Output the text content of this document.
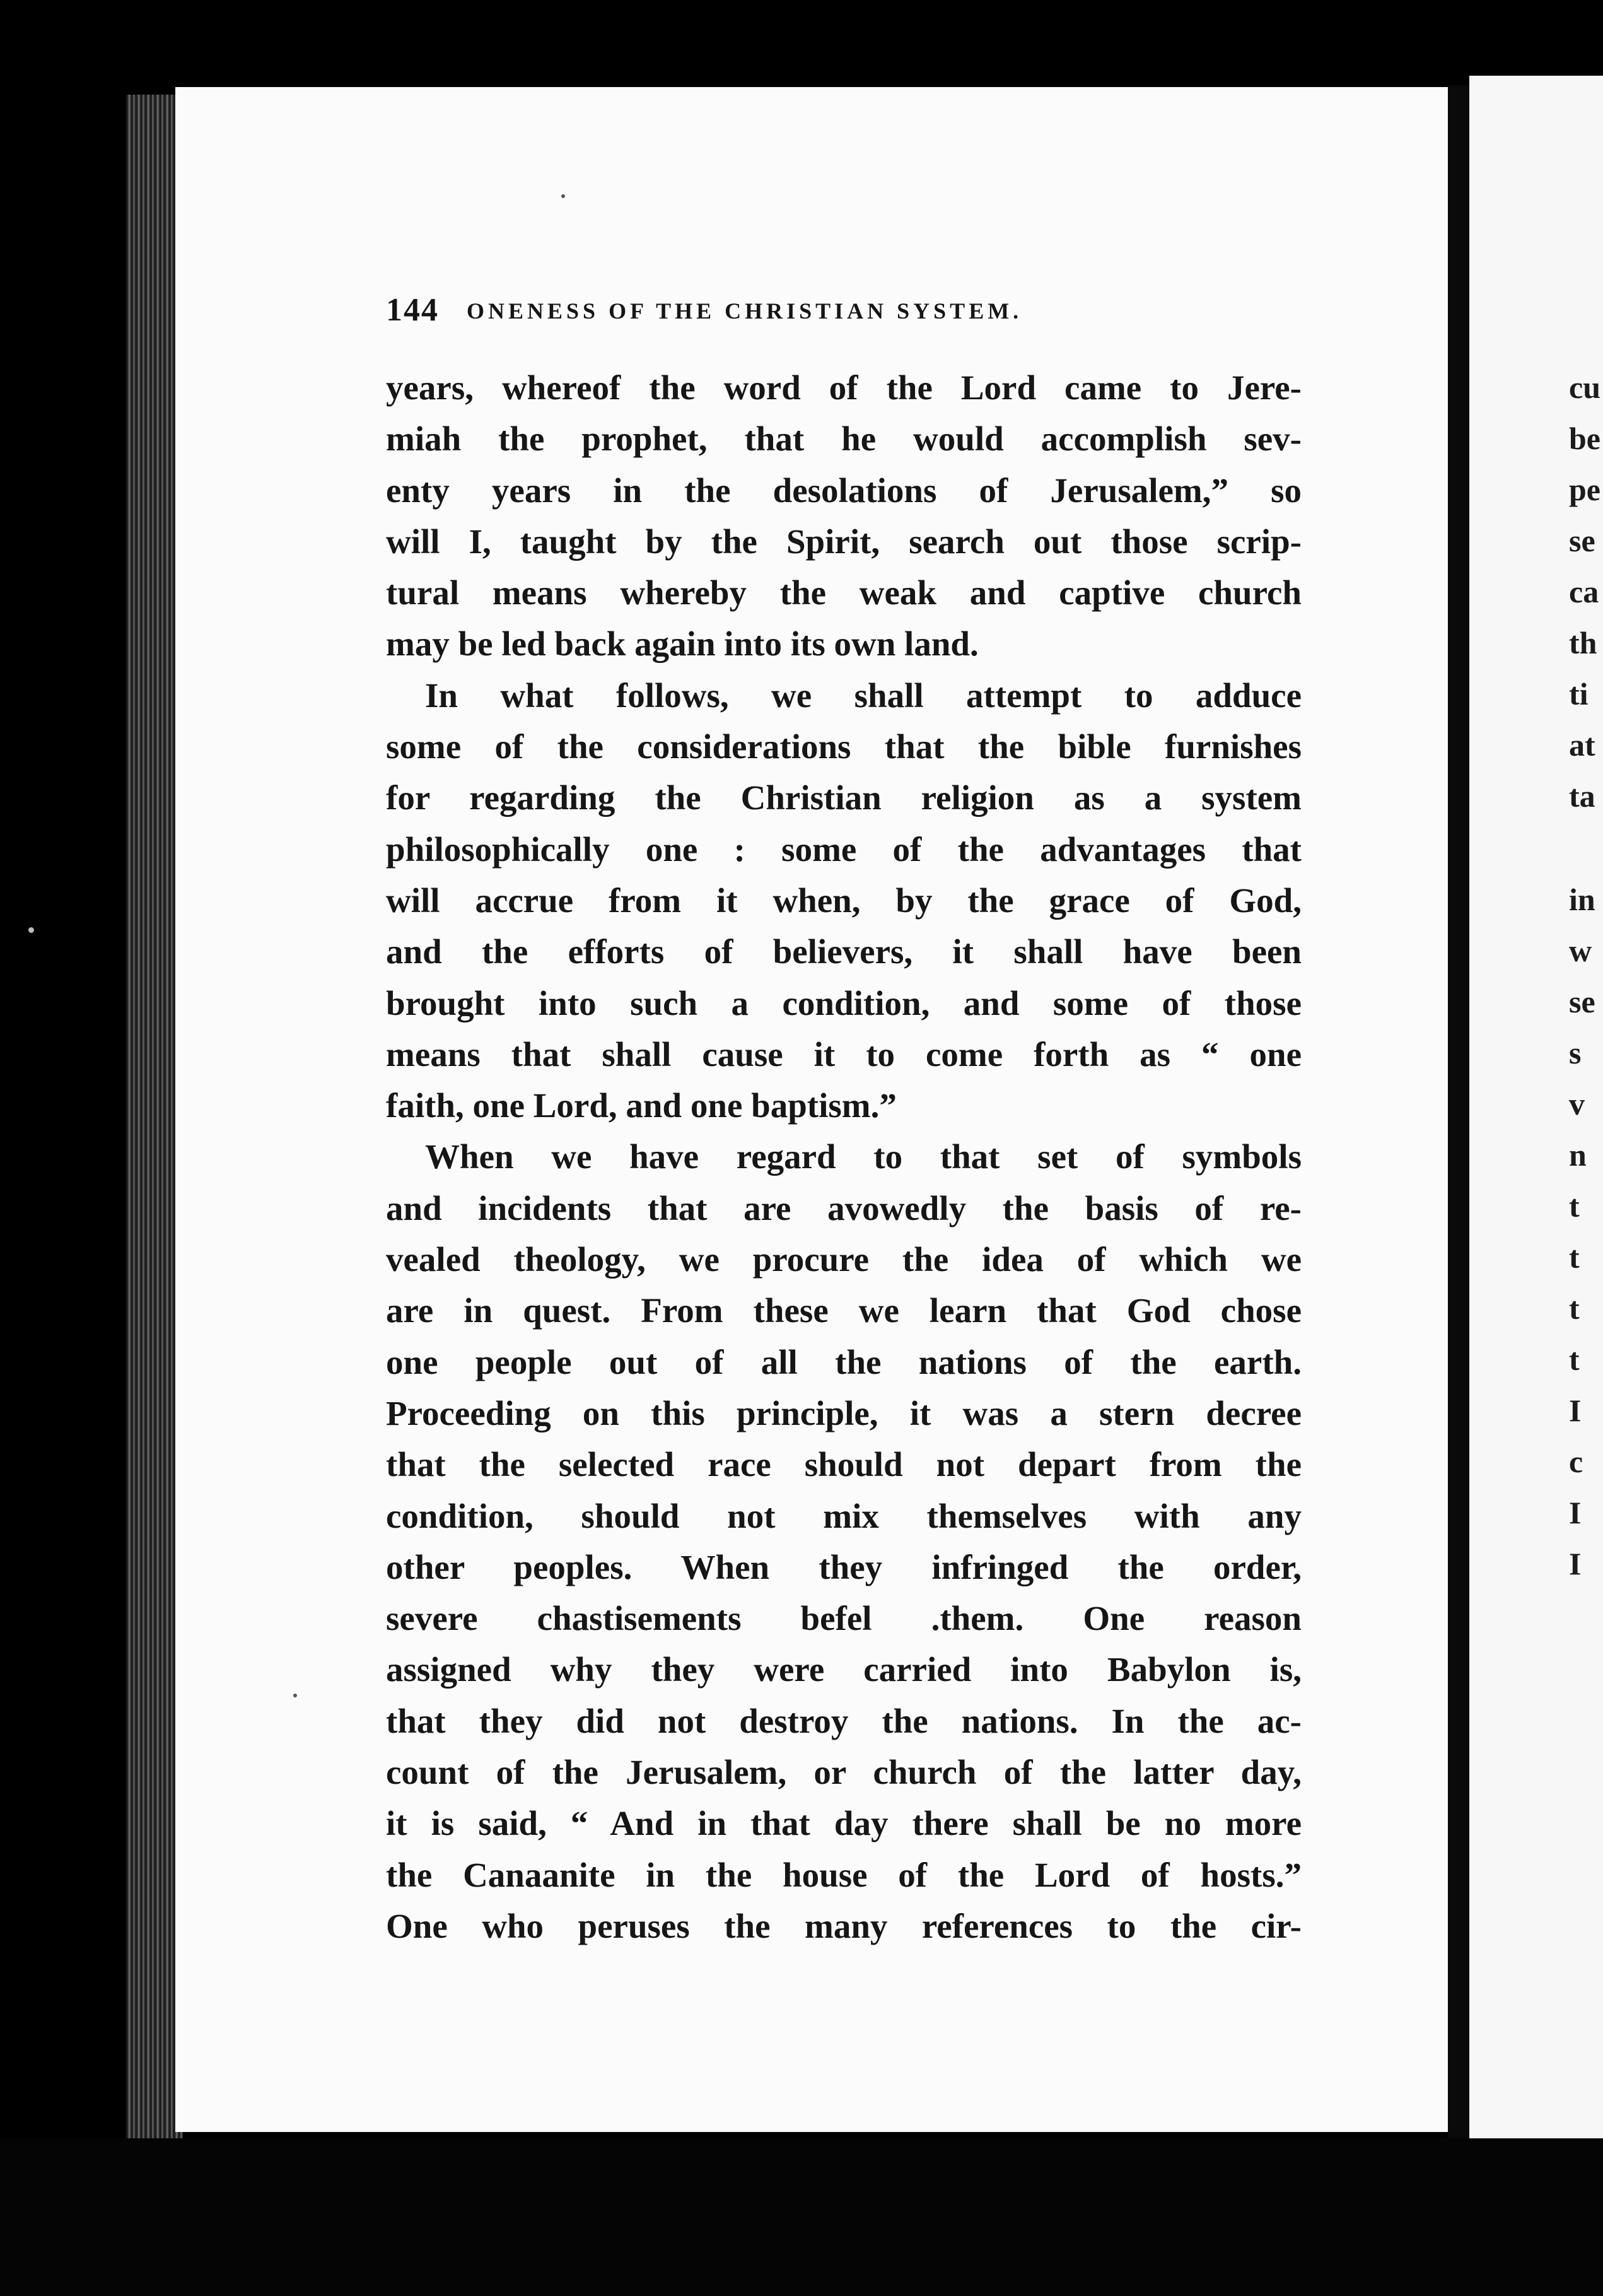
144 ONENESS OF THE CHRISTIAN SYSTEM.
years, whereof the word of the Lord came to Jere-
miah the prophet, that he would accomplish sev-
enty years in the desolations of Jerusalem,” so
will I, taught by the Spirit, search out those scrip-
tural means whereby the weak and captive church
may be led back again into its own land.
In what follows, we shall attempt to adduce
some of the considerations that the bible furnishes
for regarding the Christian religion as a system
philosophically one : some of the advantages that
will accrue from it when, by the grace of God,
and the efforts of believers, it shall have been
brought into such a condition, and some of those
means that shall cause it to come forth as “ one
faith, one Lord, and one baptism.”
When we have regard to that set of symbols
and incidents that are avowedly the basis of re-
vealed theology, we procure the idea of which we
are in quest. From these we learn that God chose
one people out of all the nations of the earth.
Proceeding on this principle, it was a stern decree
that the selected race should not depart from the
condition, should not mix themselves with any
other peoples. When they infringed the order,
severe chastisements befel .them. One reason
assigned why they were carried into Babylon is,
that they did not destroy the nations. In the ac-
count of the Jerusalem, or church of the latter day,
it is said, “ And in that day there shall be no more
the Canaanite in the house of the Lord of hosts.”
One who peruses the many references to the cir-
cu
be
pe
se
ca
th
ti
at
ta
in
w
se
s
v
n
t
t
t
t
I
c
I
I
